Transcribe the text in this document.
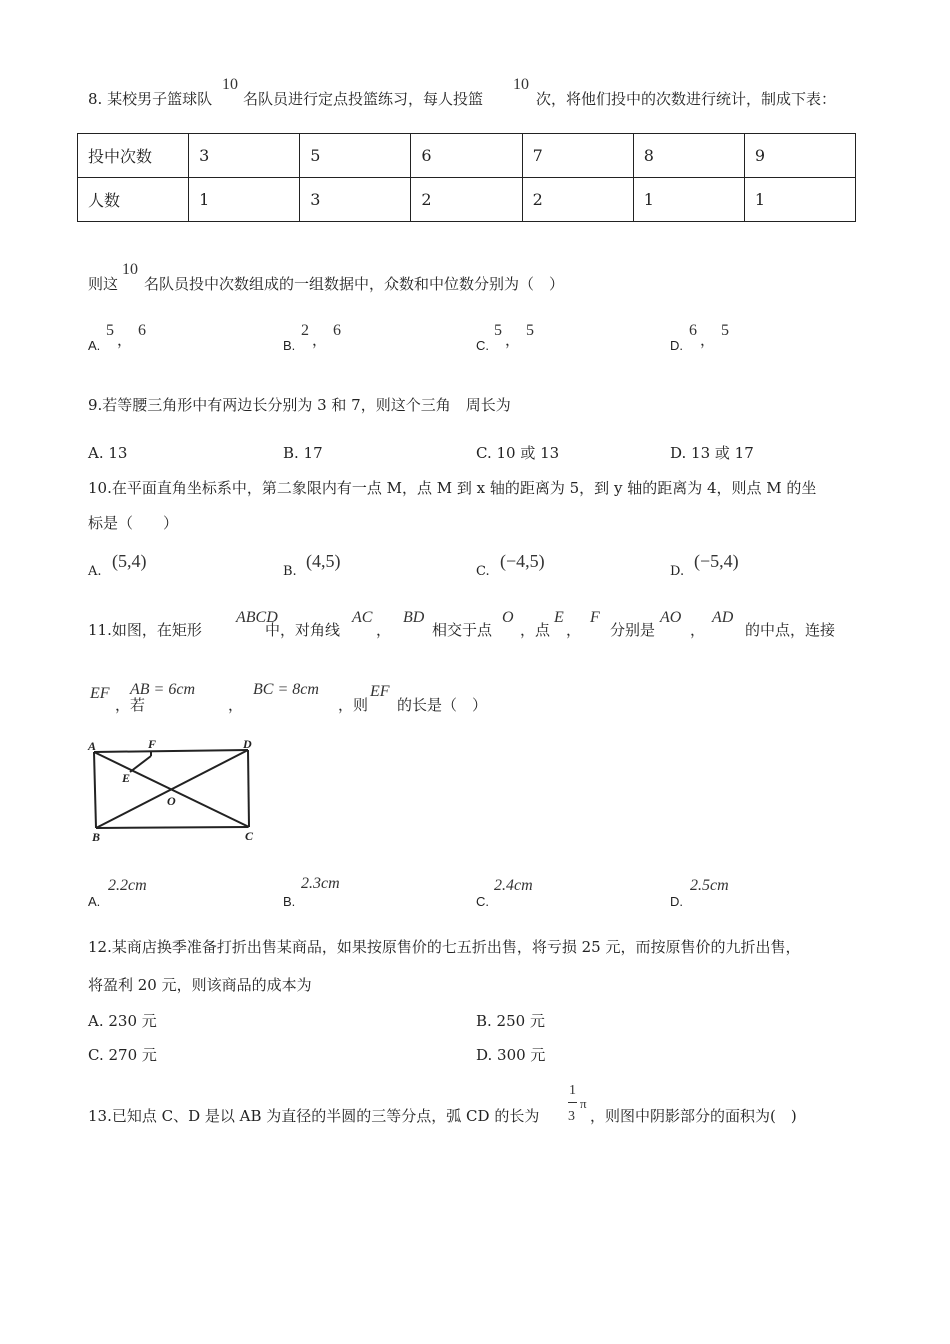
8. 某校男子篮球队
10
名队员进行定点投篮练习，每人投篮
10
次，将他们投中的次数进行统计，制成下表：
投中次数	3	5	6	7	8	9
人数	1	3	2	2	1	1
则这
10
名队员投中次数组成的一组数据中，众数和中位数分别为（　）
A.
5
，
6
B.
2
，
6
C.
5
，
5
D.
6
，
5
9.若等腰三角形中有两边长分别为 3 和 7，则这个三角　周长为
A. 13	B. 17	C. 10 或 13	D. 13 或 17
10.在平面直角坐标系中，第二象限内有一点 M，点 M 到 x 轴的距离为 5，到 y 轴的距离为 4，则点 M 的坐
标是（　　）
A.
(5,4)
B.
(4,5)
C.
(−4,5)
D.
(−5,4)
11.如图，在矩形
ABCD
中，对角线
AC
，
BD
相交于点
O
，点
E
，
F
分别是
AO
，
AD
的中点，连接
EF
，若
AB = 6cm
，
BC = 8cm
，则
EF
的长是（　）
A	F	D
E
O
B	C
A.
2.2cm
B.
2.3cm
C.
2.4cm
D.
2.5cm
12.某商店换季准备打折出售某商品，如果按原售价的七五折出售，将亏损 25 元，而按原售价的九折出售，
将盈利 20 元，则该商品的成本为
A. 230 元	B. 250 元
C. 270 元	D. 300 元
13.已知点 C、D 是以 AB 为直径的半圆的三等分点，弧 CD 的长为
1
3
π
，则图中阴影部分的面积为(　)
